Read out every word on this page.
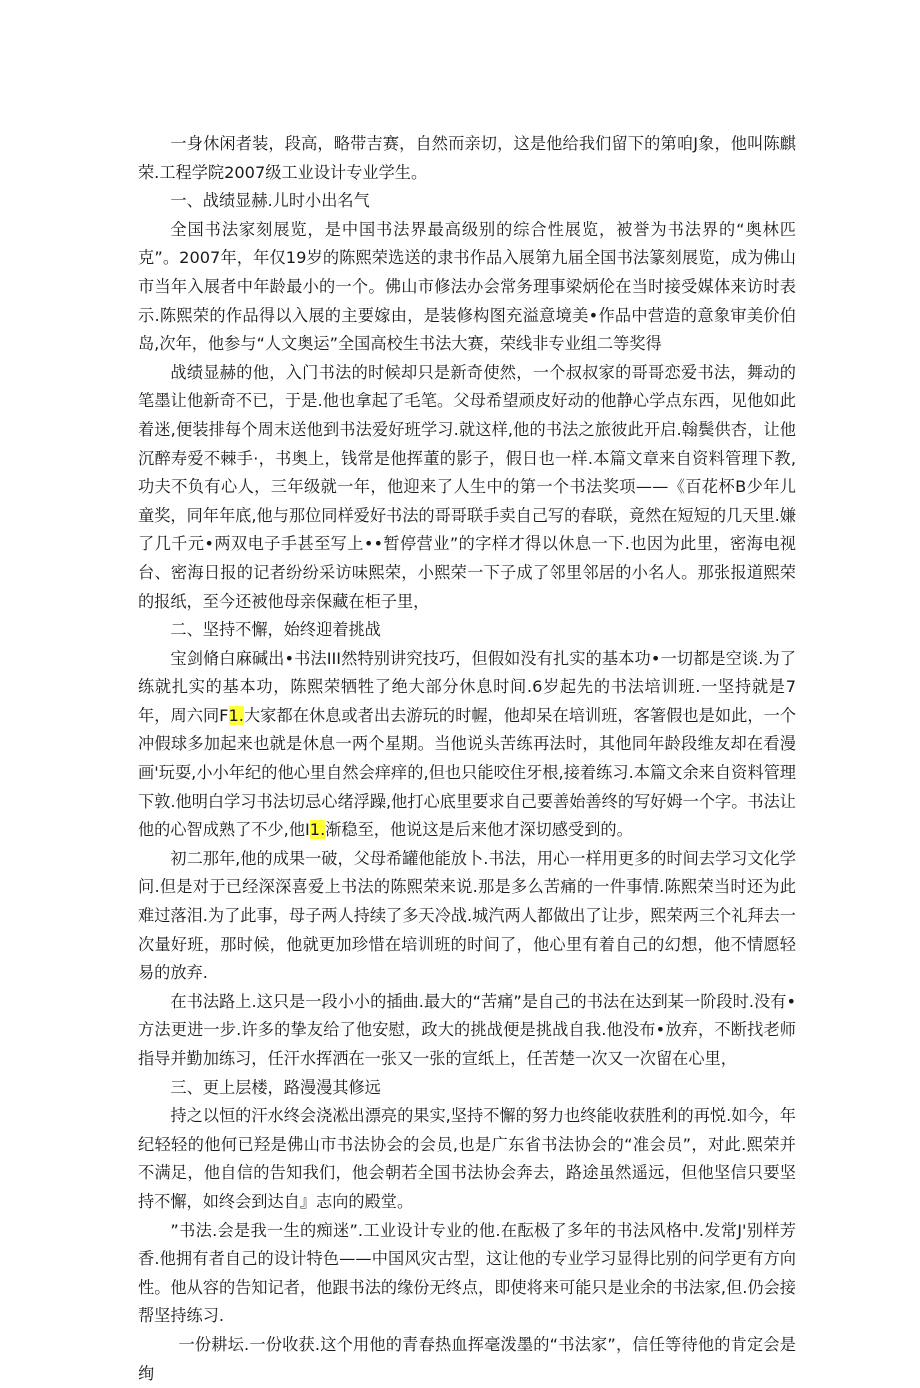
一身休闲者装，段高，略带吉赛，自然而亲切，这是他给我们留下的第咱J象，他叫陈麒荣.工程学院2007级工业设计专业学生。

一、战绩显赫.儿时小出名气

全国书法家刻展览，是中国书法界最高级别的综合性展览，被誉为书法界的“奥林匹克”。2007年，年仅19岁的陈熙荣选送的隶书作品入展第九届全国书法篆刻展览，成为佛山市当年入展者中年龄最小的一个。佛山市修法办会常务理事梁炳伦在当时接受媒体来访时表示.陈熙荣的作品得以入展的主要嫁由，是装修构图充溢意境美•作品中营造的意象审美价伯岛,次年，他参与“人文奥运”全国高校生书法大赛，荣线非专业组二等奖得

战绩显赫的他，入门书法的时候却只是新奇使然，一个叔叔家的哥哥恋爱书法，舞动的笔墨让他新奇不已，于是.他也拿起了毛笔。父母希望顽皮好动的他静心学点东西，见他如此着迷,便装排每个周末送他到书法爱好班学习.就这样,他的书法之旅彼此开启.翰鬓供杏，让他沉醉寿爱不棘手·，书奥上，钱常是他挥董的影子，假日也一样.本篇文章来自资料管理下教,功夫不负有心人，三年级就一年，他迎来了人生中的第一个书法奖项——《百花杯B少年儿童奖，同年年底,他与那位同样爱好书法的哥哥联手卖自己写的春联，竟然在短短的几天里.嫌了几千元•两双电子手甚至写上••暂停营业”的字样才得以休息一下.也因为此里，密海电视台、密海日报的记者纷纷采访味熙荣，小熙荣一下子成了邻里邻居的小名人。那张报道熙荣的报纸，至今还被他母亲保藏在柜子里，

二、坚持不懈，始终迎着挑战

宝剑脩白麻碱出•书法III然特别讲究技巧，但假如没有扎实的基本功•一切都是空谈.为了练就扎实的基本功，陈熙荣牺牲了绝大部分休息时间.6岁起先的书法培训班.一坚持就是7年，周六同F1.大家都在休息或者出去游玩的时幄，他却呆在培训班，客箸假也是如此，一个冲假球多加起来也就是休息一两个星期。当他说头苦练再法时，其他同年龄段维友却在看漫画'玩耍,小小年纪的他心里自然会痒痒的,但也只能咬住牙根,接着练习.本篇文余来自资料管理下敦.他明白学习书法切忌心绪浮躁,他打心底里要求自己要善始善终的写好姆一个字。书法让他的心智成熟了不少,他I1.渐稳至，他说这是后来他才深切感受到的。

初二那年,他的成果一破，父母希罐他能放卜.书法，用心一样用更多的时间去学习文化学问.但是对于已经深深喜爱上书法的陈熙荣来说.那是多么苦痛的一件事情.陈熙荣当时还为此难过落泪.为了此事，母子两人持续了多天冷战.城汽两人都做出了让步，熙荣两三个礼拜去一次量好班，那时候，他就更加珍惜在培训班的时间了，他心里有着自己的幻想，他不情愿轻易的放弃.

在书法路上.这只是一段小小的插曲.最大的“苦痛”是自己的书法在达到某一阶段时.没有•方法更进一步.许多的挚友给了他安慰，政大的挑战便是挑战自我.他没布•放弃，不断找老师指导并勤加练习，任汗水挥洒在一张又一张的宣纸上，任苦楚一次又一次留在心里，

三、更上层楼，路漫漫其修远

持之以恒的汗水终会浇凇出漂亮的果实,坚持不懈的努力也终能收获胜利的再悦.如今，年纪轻轻的他何已羟是佛山市书法协会的会员,也是广东省书法协会的“准会员”，对此.熙荣并不满足，他自信的告知我们，他会朝若全国书法协会奔去，路途虽然遥远，但他坚信只要坚持不懈，如终会到达自』志向的殿堂。

”书法.会是我一生的痴迷”.工业设计专业的他.在酝极了多年的书法风格中.发常J'别样芳香.他拥有者自己的设计特色——中国风灾古型，这让他的专业学习显得比别的问学更有方向性。他从容的告知记者，他跟书法的缘份无终点，即使将来可能只是业余的书法家,但.仍会接帮坚持练习.

一份耕坛.一份收获.这个用他的青春热血挥毫泼墨的“书法家”，信任等待他的肯定会是绚
